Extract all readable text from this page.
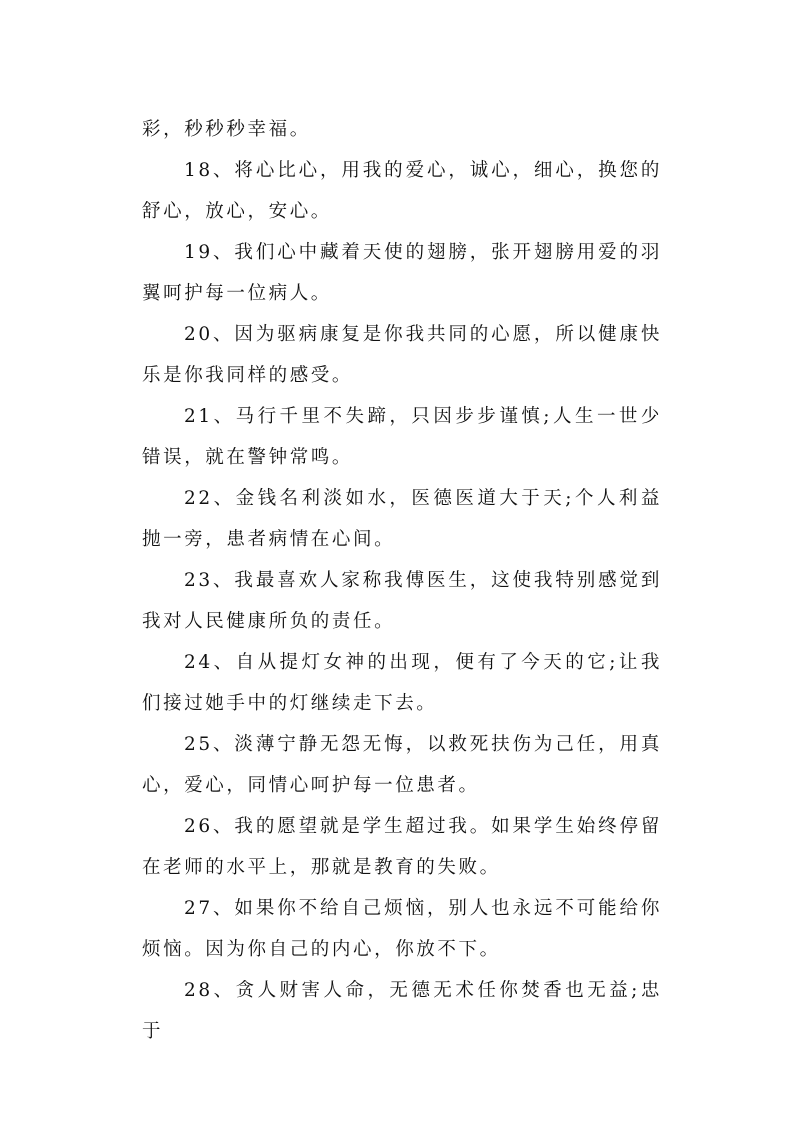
彩，秒秒秒幸福。

18、将心比心，用我的爱心，诚心，细心，换您的舒心，放心，安心。

19、我们心中藏着天使的翅膀，张开翅膀用爱的羽翼呵护每一位病人。

20、因为驱病康复是你我共同的心愿，所以健康快乐是你我同样的感受。

21、马行千里不失蹄，只因步步谨慎;人生一世少错误，就在警钟常鸣。

22、金钱名利淡如水，医德医道大于天;个人利益抛一旁，患者病情在心间。

23、我最喜欢人家称我傅医生，这使我特别感觉到我对人民健康所负的责任。

24、自从提灯女神的出现，便有了今天的它;让我们接过她手中的灯继续走下去。

25、淡薄宁静无怨无悔，以救死扶伤为己任，用真心，爱心，同情心呵护每一位患者。

26、我的愿望就是学生超过我。如果学生始终停留在老师的水平上，那就是教育的失败。

27、如果你不给自己烦恼，别人也永远不可能给你烦恼。因为你自己的内心，你放不下。

28、贪人财害人命，无德无术任你焚香也无益;忠于
